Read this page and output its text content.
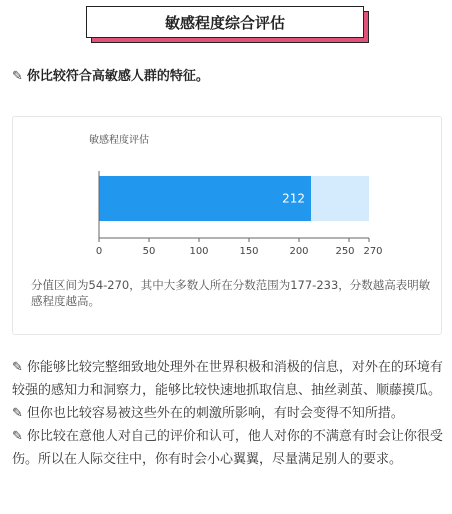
敏感程度综合评估
✎ 你比较符合高敏感人群的特征。
敏感程度评估
212
0	50	100	150	200	250 270
分值区间为54-270，其中大多数人所在分数范围为177-233，分数越高表明敏感程度越高。

✎ 你能够比较完整细致地处理外在世界积极和消极的信息，对外在的环境有较强的感知力和洞察力，能够比较快速地抓取信息、抽丝剥茧、顺藤摸瓜。

✎ 但你也比较容易被这些外在的刺激所影响，有时会变得不知所措。

✎ 你比较在意他人对自己的评价和认可，他人对你的不满意有时会让你很受伤。所以在人际交往中，你有时会小心翼翼，尽量满足别人的要求。
